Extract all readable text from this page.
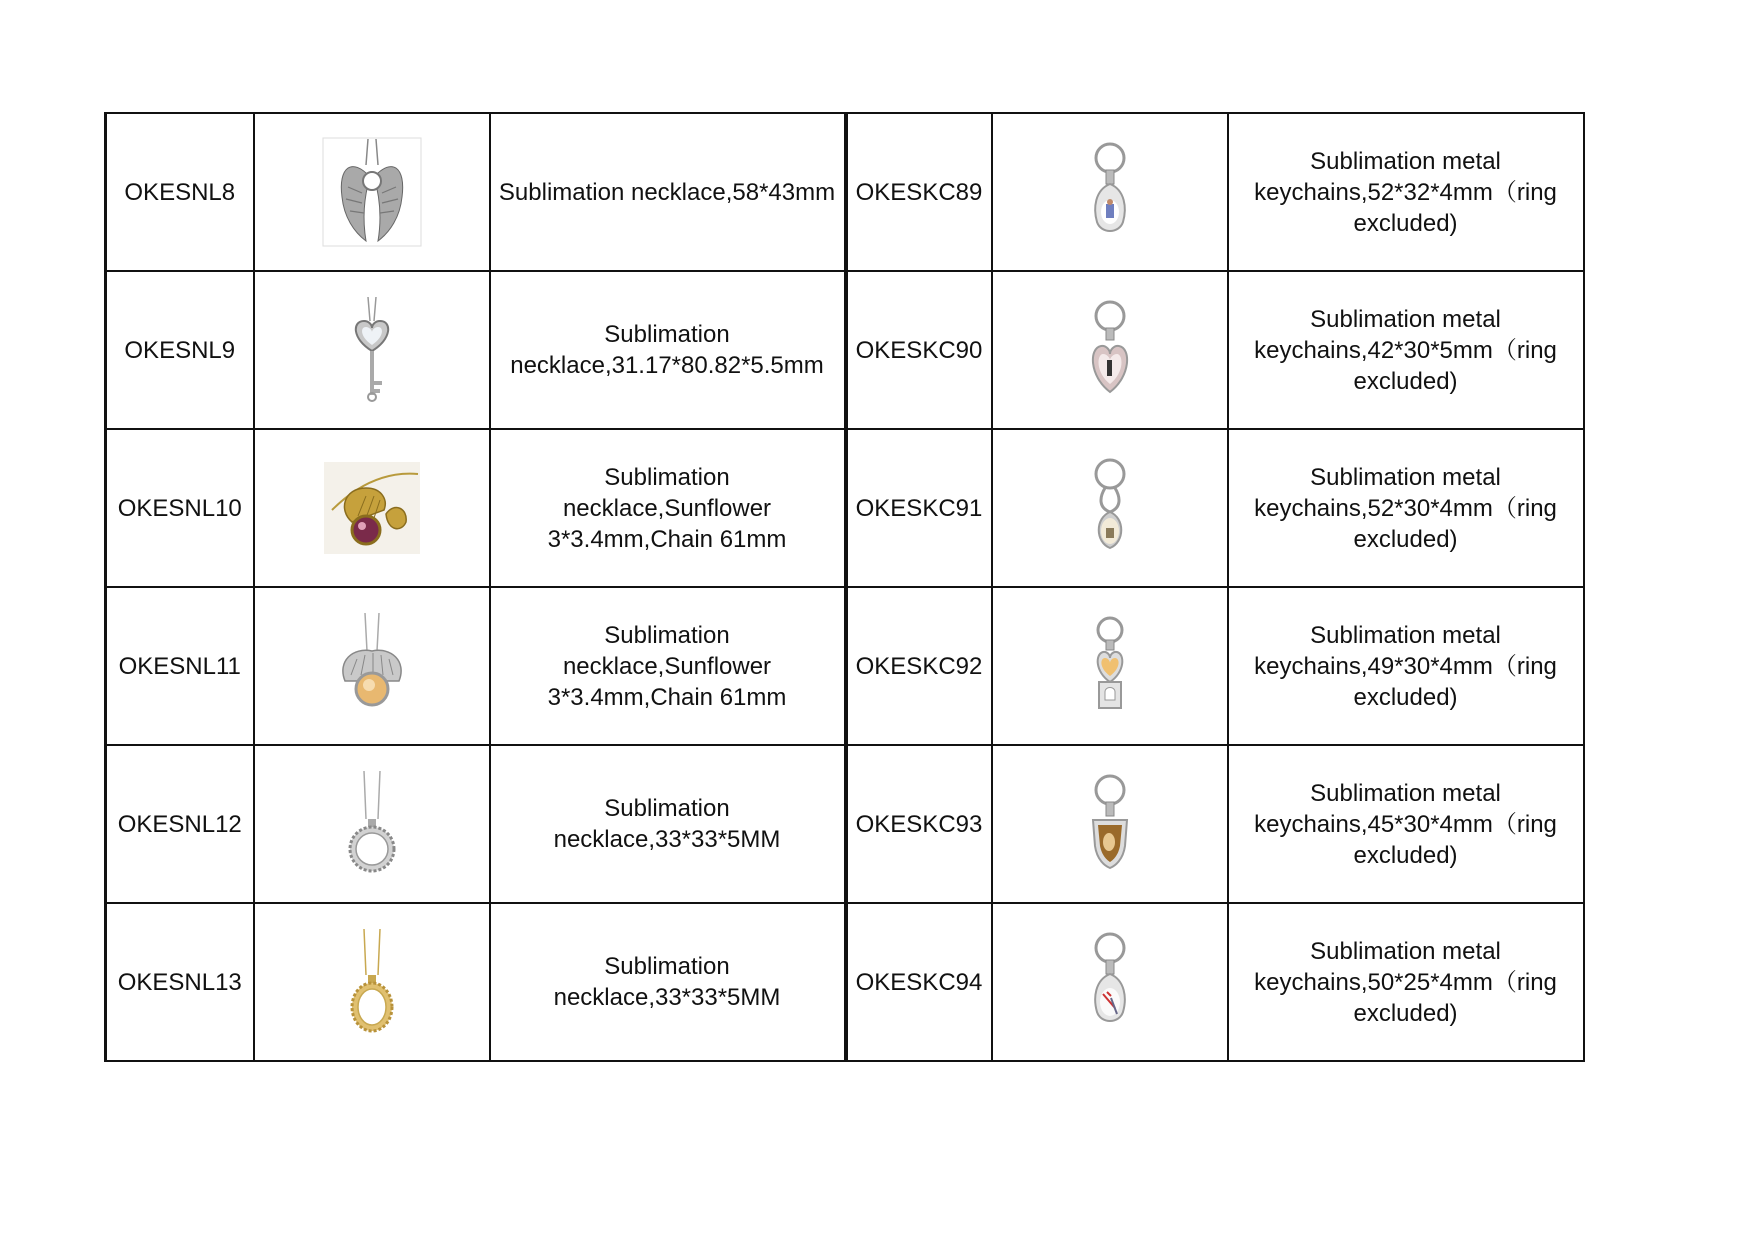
OKESNL8		Sublimation necklace,58*43mm	OKESKC89		Sublimation metal keychains,52*32*4mm（ring excluded)

OKESNL9		Sublimation necklace,31.17*80.82*5.5mm	OKESKC90		Sublimation metal keychains,42*30*5mm（ring excluded)

OKESNL10		Sublimation necklace,Sunflower 3*3.4mm,Chain 61mm	OKESKC91		Sublimation metal keychains,52*30*4mm（ring excluded)

OKESNL11		Sublimation necklace,Sunflower 3*3.4mm,Chain 61mm	OKESKC92		Sublimation metal keychains,49*30*4mm（ring excluded)

OKESNL12		Sublimation necklace,33*33*5MM	OKESKC93		Sublimation metal keychains,45*30*4mm（ring excluded)

OKESNL13		Sublimation necklace,33*33*5MM	OKESKC94		Sublimation metal keychains,50*25*4mm（ring excluded)
